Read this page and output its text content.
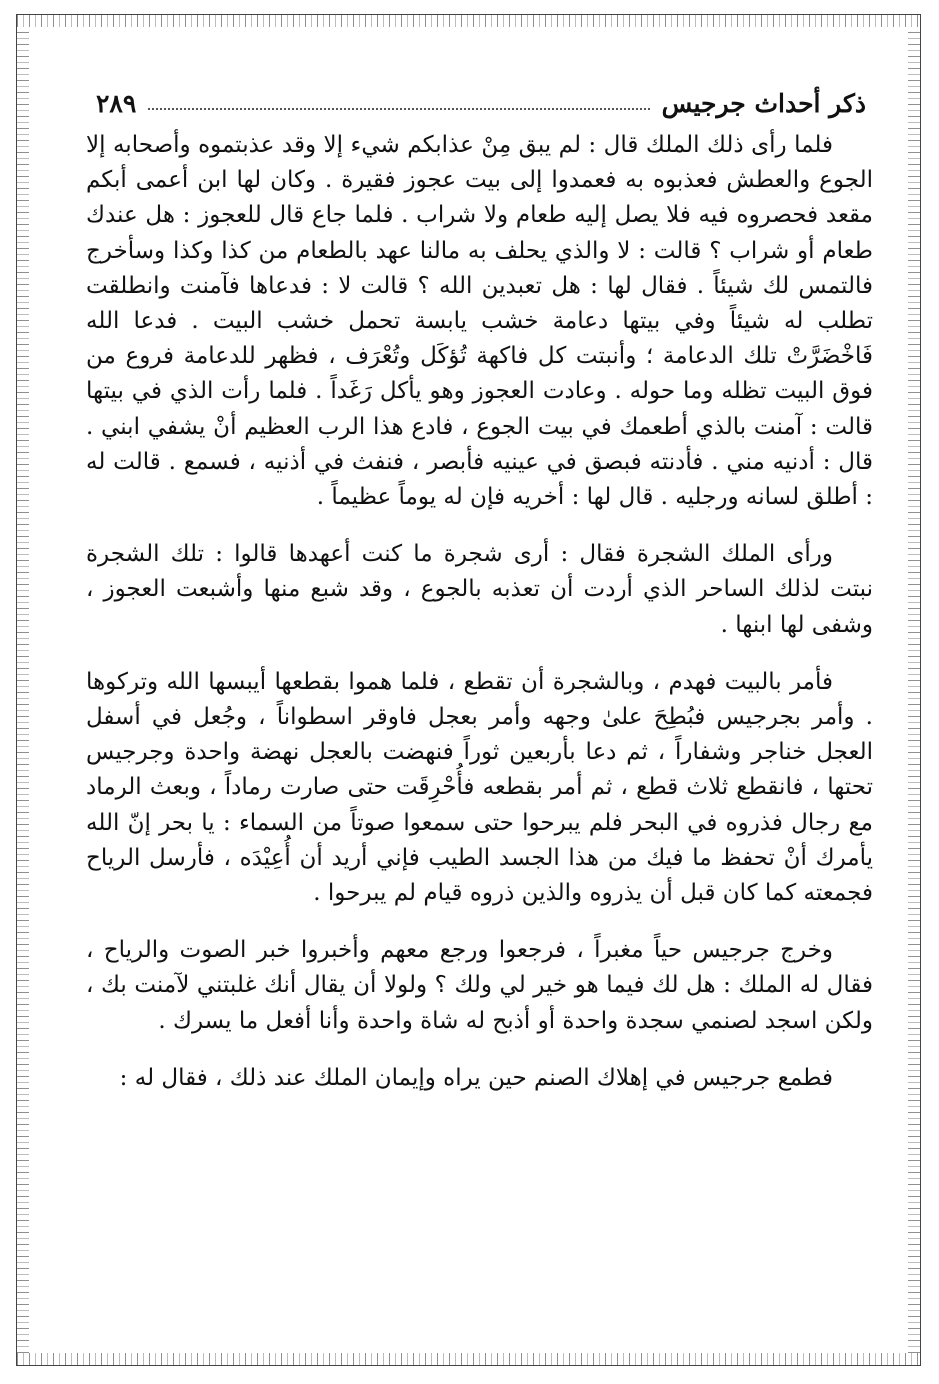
ذكر أحداث جرجيس
٢٨٩

فلما رأى ذلك الملك قال : لم يبق مِنْ عذابكم شيء إلا وقد عذبتموه وأصحابه إلا الجوع والعطش فعذبوه به فعمدوا إلى بيت عجوز فقيرة . وكان لها ابن أعمى أبكم مقعد فحصروه فيه فلا يصل إليه طعام ولا شراب . فلما جاع قال للعجوز : هل عندك طعام أو شراب ؟ قالت : لا والذي يحلف به مالنا عهد بالطعام من كذا وكذا وسأخرج فالتمس لك شيئاً . فقال لها : هل تعبدين الله ؟ قالت لا : فدعاها فآمنت وانطلقت تطلب له شيئاً وفي بيتها دعامة خشب يابسة تحمل خشب البيت . فدعا الله فَاخْضَرَّتْ تلك الدعامة ؛ وأنبتت كل فاكهة تُؤكَل وتُعْرَف ، فظهر للدعامة فروع من فوق البيت تظله وما حوله . وعادت العجوز وهو يأكل رَغَداً . فلما رأت الذي في بيتها قالت : آمنت بالذي أطعمك في بيت الجوع ، فادع هذا الرب العظيم أنْ يشفي ابني . قال : أدنيه مني . فأدنته فبصق في عينيه فأبصر ، فنفث في أذنيه ، فسمع . قالت له : أطلق لسانه ورجليه . قال لها : أخريه فإن له يوماً عظيماً .

ورأى الملك الشجرة فقال : أرى شجرة ما كنت أعهدها قالوا : تلك الشجرة نبتت لذلك الساحر الذي أردت أن تعذبه بالجوع ، وقد شبع منها وأشبعت العجوز ، وشفى لها ابنها .

فأمر بالبيت فهدم ، وبالشجرة أن تقطع ، فلما هموا بقطعها أيبسها الله وتركوها . وأمر بجرجيس فبُطِحَ علىٰ وجهه وأمر بعجل فاوقر اسطواناً ، وجُعل في أسفل العجل خناجر وشفاراً ، ثم دعا بأربعين ثوراً فنهضت بالعجل نهضة واحدة وجرجيس تحتها ، فانقطع ثلاث قطع ، ثم أمر بقطعه فأُحْرِقَت حتى صارت رماداً ، وبعث الرماد مع رجال فذروه في البحر فلم يبرحوا حتى سمعوا صوتاً من السماء : يا بحر إنّ الله يأمرك أنْ تحفظ ما فيك من هذا الجسد الطيب فإني أريد أن أُعِيْدَه ، فأرسل الرياح فجمعته كما كان قبل أن يذروه والذين ذروه قيام لم يبرحوا .

وخرج جرجيس حياً مغبراً ، فرجعوا ورجع معهم وأخبروا خبر الصوت والرياح ، فقال له الملك : هل لك فيما هو خير لي ولك ؟ ولولا أن يقال أنك غلبتني لآمنت بك ، ولكن اسجد لصنمي سجدة واحدة أو أذبح له شاة واحدة وأنا أفعل ما يسرك .

فطمع جرجيس في إهلاك الصنم حين يراه وإيمان الملك عند ذلك ، فقال له :
